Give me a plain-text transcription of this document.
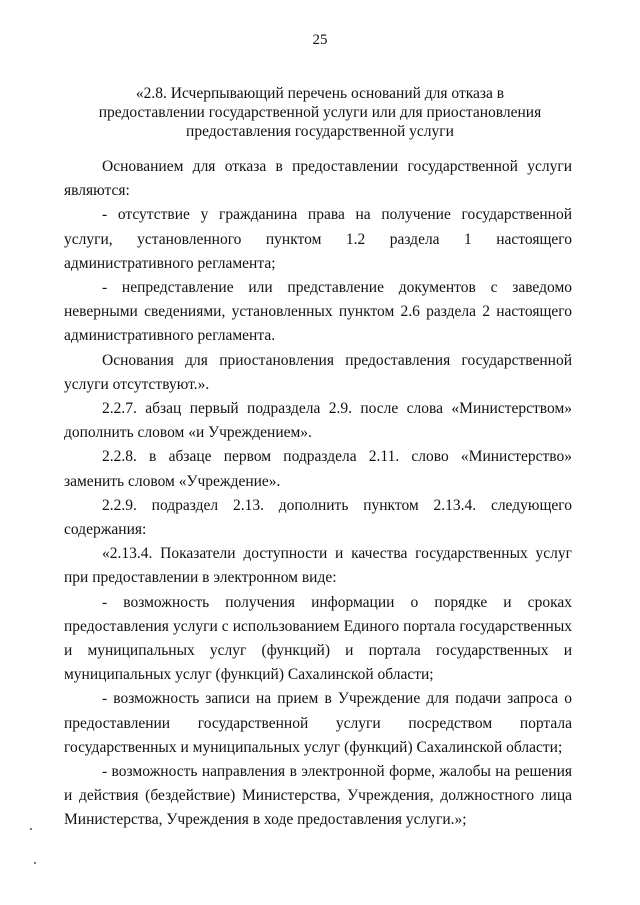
25
«2.8. Исчерпывающий перечень оснований для отказа в предоставлении государственной услуги или для приостановления предоставления государственной услуги

Основанием для отказа в предоставлении государственной услуги являются:

- отсутствие у гражданина права на получение государственной услуги, установленного пунктом 1.2 раздела 1 настоящего административного регламента;

- непредставление или представление документов с заведомо неверными сведениями, установленных пунктом 2.6 раздела 2 настоящего административного регламента.

Основания для приостановления предоставления государственной услуги отсутствуют.».

2.2.7. абзац первый подраздела 2.9. после слова «Министерством» дополнить словом «и Учреждением».

2.2.8. в абзаце первом подраздела 2.11. слово «Министерство» заменить словом «Учреждение».

2.2.9. подраздел 2.13. дополнить пунктом 2.13.4. следующего содержания:

«2.13.4. Показатели доступности и качества государственных услуг при предоставлении в электронном виде:

- возможность получения информации о порядке и сроках предоставления услуги с использованием Единого портала государственных и муниципальных услуг (функций) и портала государственных и муниципальных услуг (функций) Сахалинской области;

- возможность записи на прием в Учреждение для подачи запроса о предоставлении государственной услуги посредством портала государственных и муниципальных услуг (функций) Сахалинской области;

- возможность направления в электронной форме, жалобы на решения и действия (бездействие) Министерства, Учреждения, должностного лица Министерства, Учреждения в ходе предоставления услуги.»;
